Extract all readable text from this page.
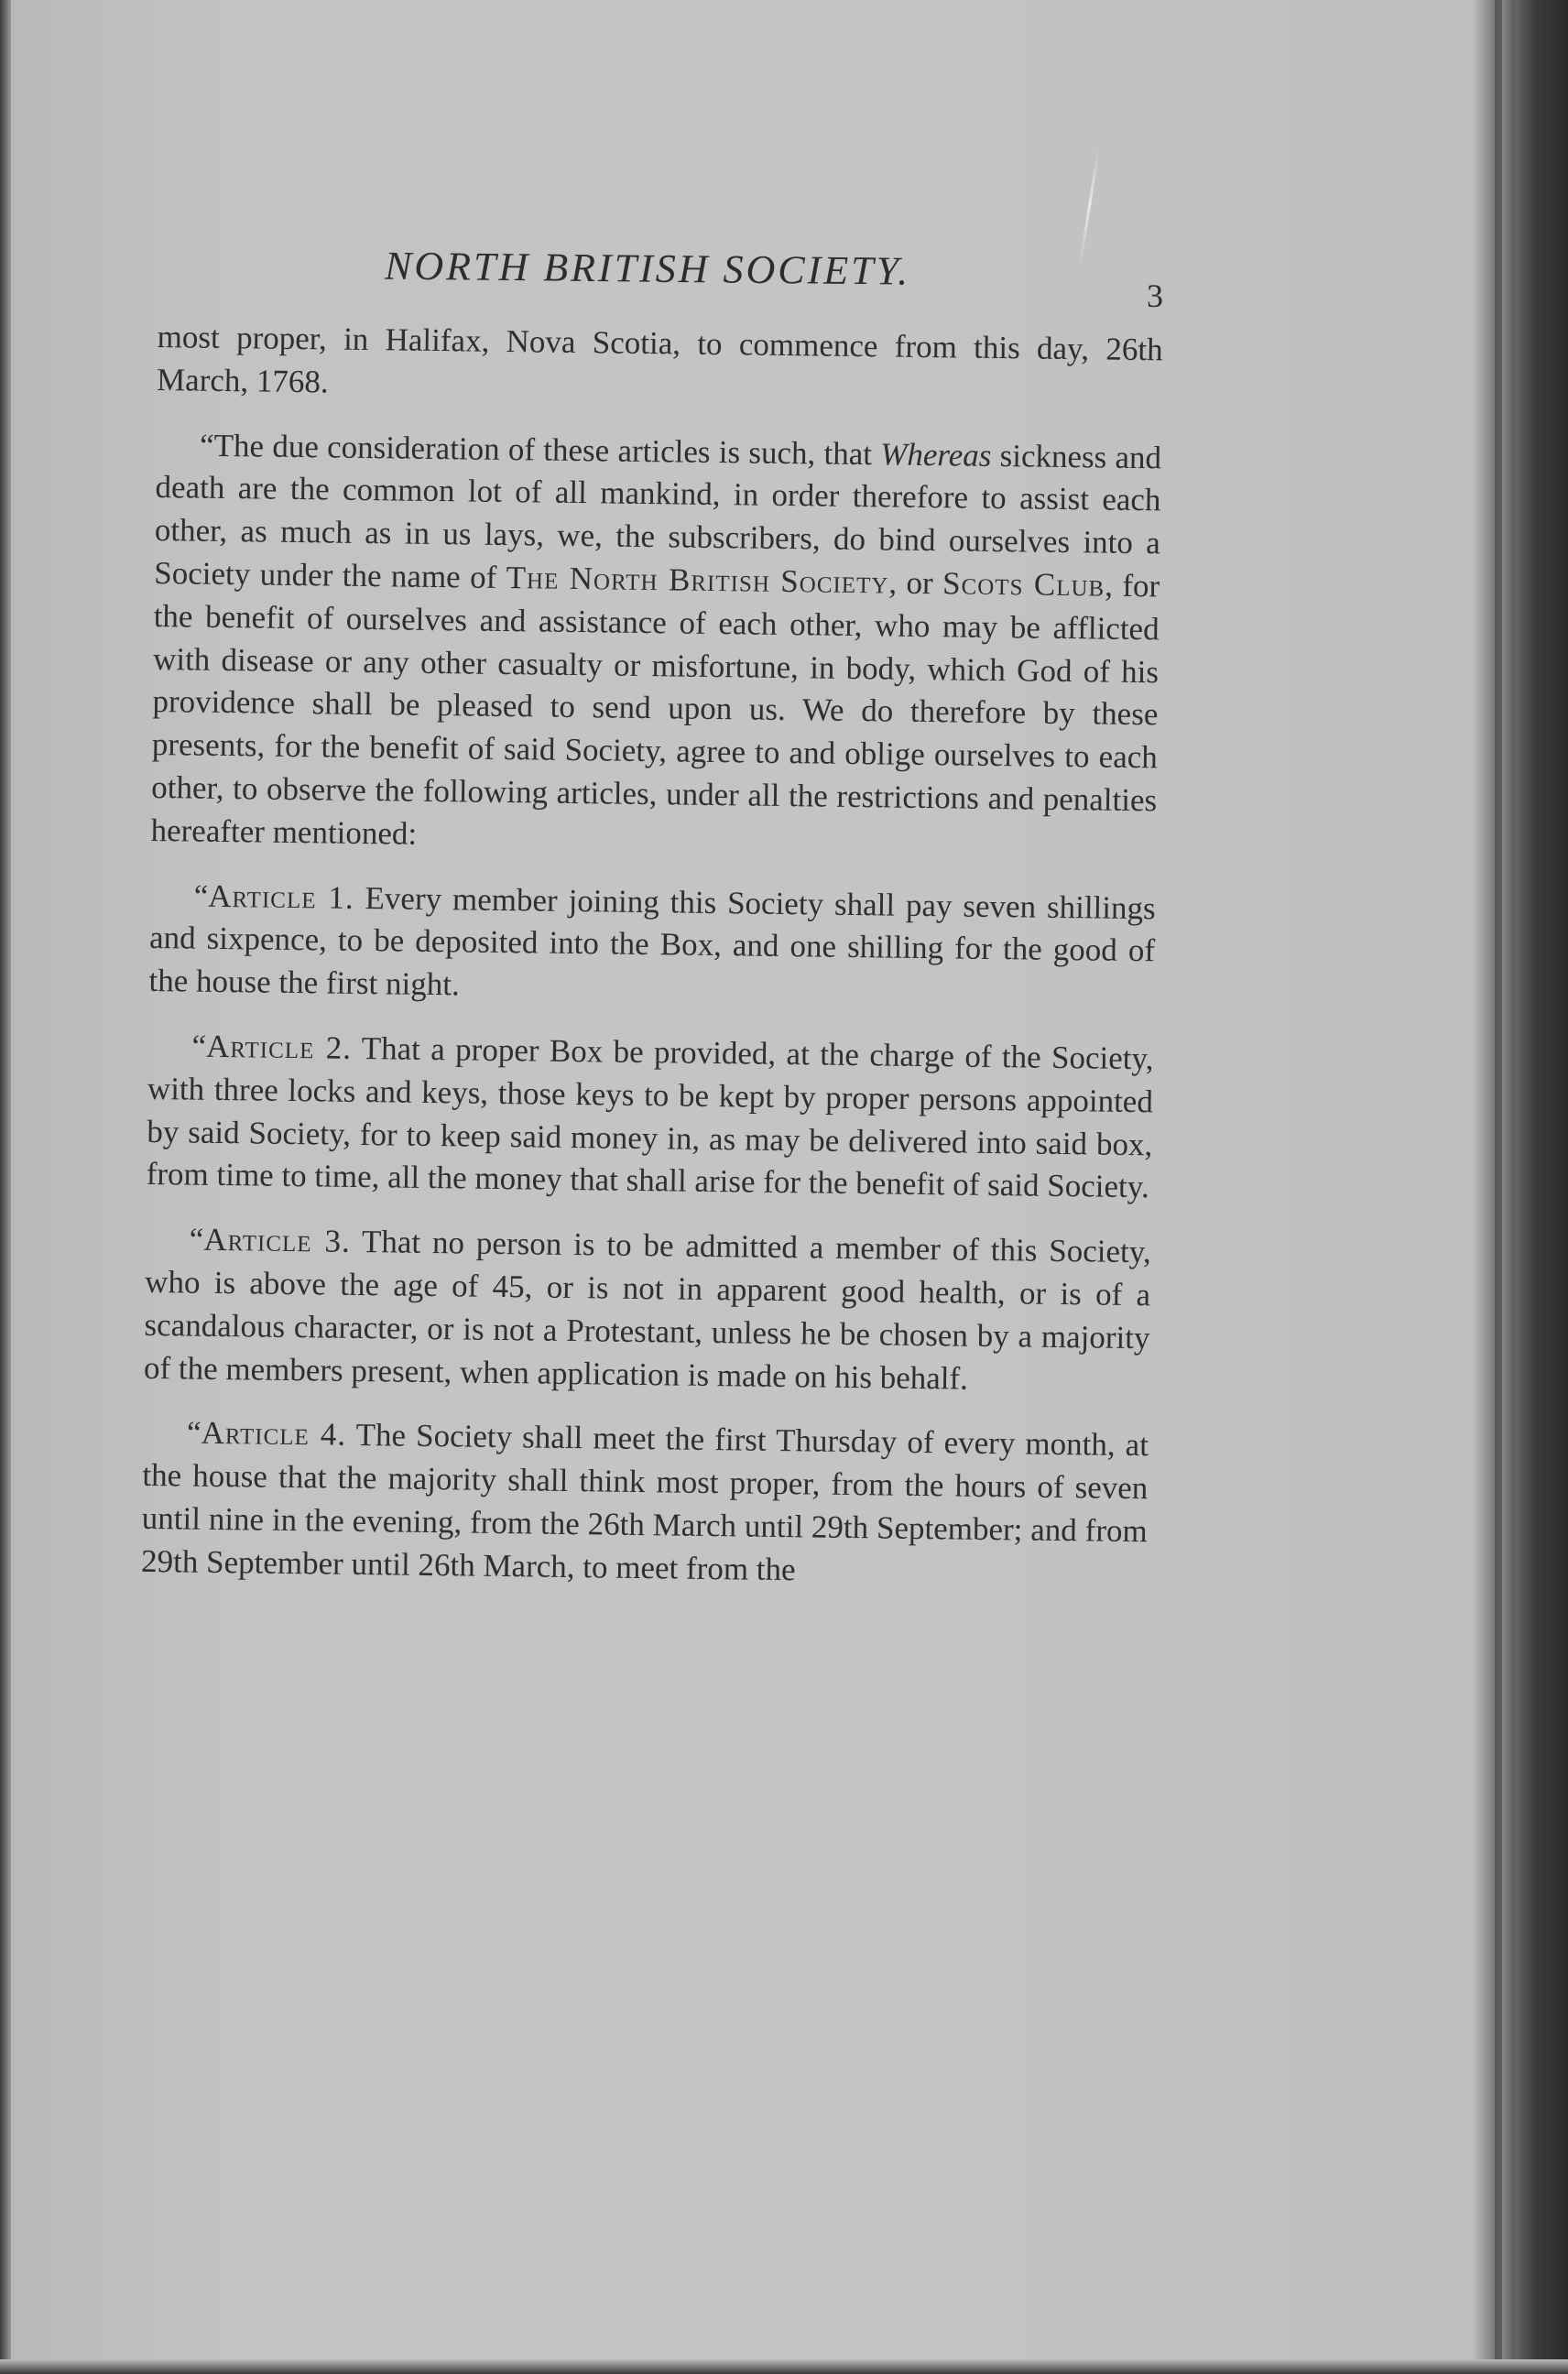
NORTH BRITISH SOCIETY.
3

most proper, in Halifax, Nova Scotia, to commence from this day, 26th March, 1768.

“The due consideration of these articles is such, that Whereas sickness and death are the common lot of all mankind, in order therefore to assist each other, as much as in us lays, we, the subscribers, do bind ourselves into a Society under the name of The North British Society, or Scots Club, for the benefit of ourselves and assistance of each other, who may be afflicted with disease or any other casualty or misfortune, in body, which God of his providence shall be pleased to send upon us. We do therefore by these presents, for the benefit of said Society, agree to and oblige ourselves to each other, to observe the following articles, under all the restrictions and penalties hereafter mentioned:

“Article 1. Every member joining this Society shall pay seven shillings and sixpence, to be deposited into the Box, and one shilling for the good of the house the first night.

“Article 2. That a proper Box be provided, at the charge of the Society, with three locks and keys, those keys to be kept by proper persons appointed by said Society, for to keep said money in, as may be delivered into said box, from time to time, all the money that shall arise for the benefit of said Society.

“Article 3. That no person is to be admitted a member of this Society, who is above the age of 45, or is not in apparent good health, or is of a scandalous character, or is not a Protestant, unless he be chosen by a majority of the members present, when application is made on his behalf.

“Article 4. The Society shall meet the first Thursday of every month, at the house that the majority shall think most proper, from the hours of seven until nine in the evening, from the 26th March until 29th September; and from 29th September until 26th March, to meet from the
